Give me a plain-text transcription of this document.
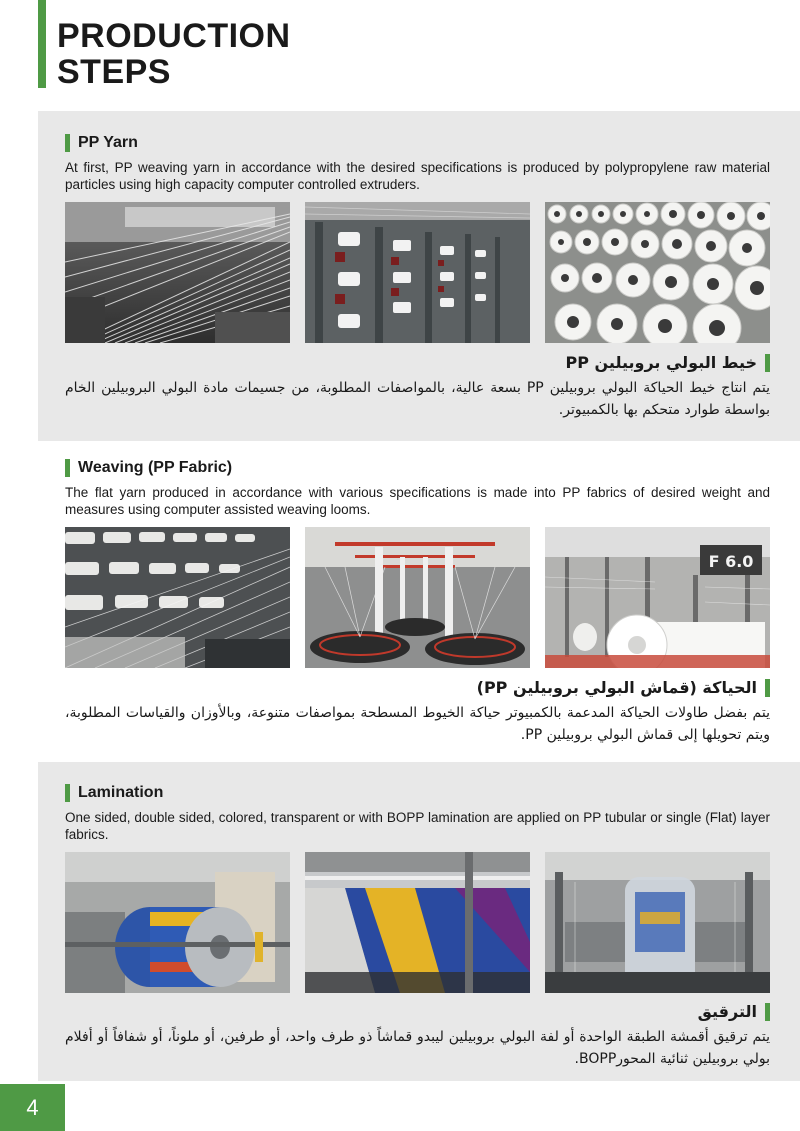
PRODUCTION
STEPS
PP Yarn

At first, PP weaving yarn in accordance with the desired specifications is produced by polypropylene raw material particles using high capacity computer controlled extruders.

خيط البولي بروبيلين PP

يتم انتاج خيط الحياكة البولي بروبيلين PP بسعة عالية، بالمواصفات المطلوبة، من جسيمات مادة البولي البروبيلين الخام بواسطة طوارد متحكم بها بالكمبيوتر.

Weaving (PP Fabric)

The flat yarn produced in accordance with various specifications is made into PP fabrics of desired weight and measures using computer assisted weaving looms.

F 6.0
الحياكة (قماش البولي بروبيلين PP)

يتم بفضل طاولات الحياكة المدعمة بالكمبيوتر حياكة الخيوط المسطحة بمواصفات متنوعة، وبالأوزان والقياسات المطلوبة، ويتم تحويلها إلى قماش البولي بروبيلين PP.

Lamination

One sided, double sided, colored, transparent or with BOPP lamination are applied on PP tubular or single (Flat) layer fabrics.

الترقيق

يتم ترقيق أقمشة الطبقة الواحدة أو لفة البولي بروبيلين ليبدو قماشاً ذو طرف واحد، أو طرفين، أو ملوناً، أو شفافاً أو أفلام بولي بروبيلين ثنائية المحورBOPP.

4
